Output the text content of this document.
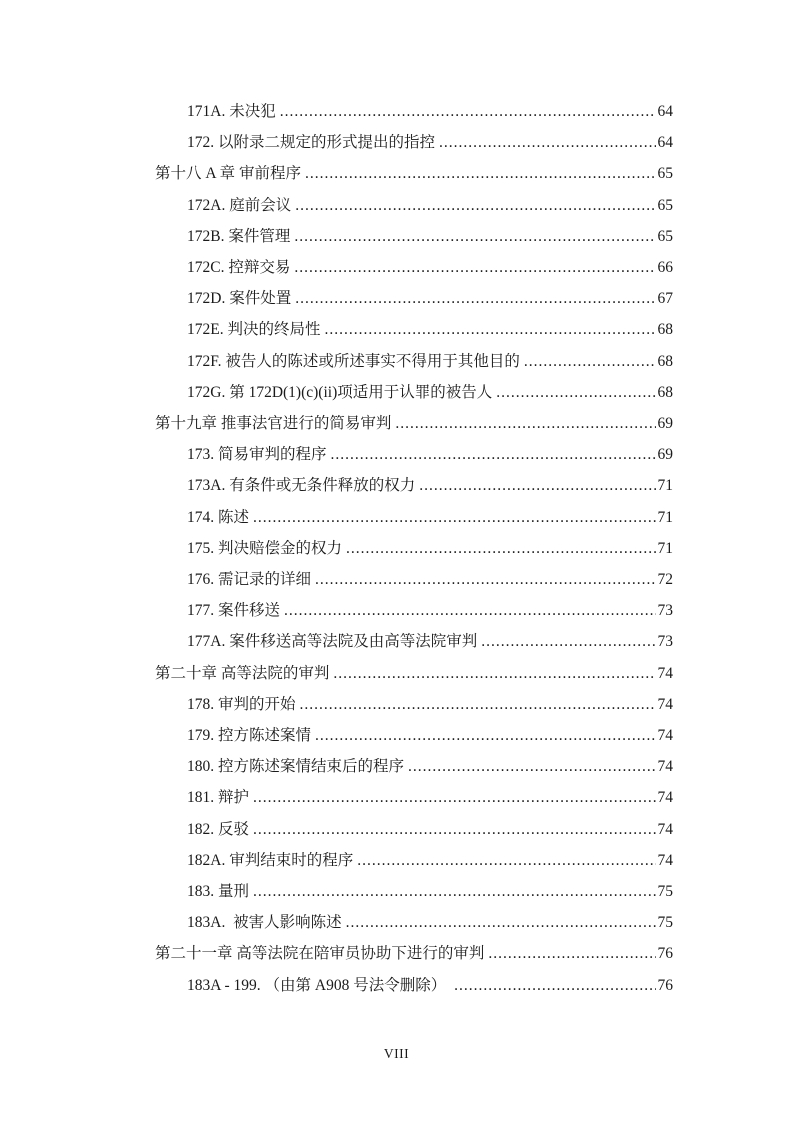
171A. 未决犯 .....	64
172. 以附录二规定的形式提出的指控 .....	64
第十八 A 章 审前程序 .....	65
172A. 庭前会议 .....	65
172B. 案件管理 .....	65
172C. 控辩交易 .....	66
172D. 案件处置 .....	67
172E. 判决的终局性 .....	68
172F. 被告人的陈述或所述事实不得用于其他目的 .....	68
172G. 第 172D(1)(c)(ii)项适用于认罪的被告人 .....	68
第十九章 推事法官进行的简易审判 .....	69
173. 简易审判的程序 .....	69
173A. 有条件或无条件释放的权力 .....	71
174. 陈述 .....	71
175. 判决赔偿金的权力 .....	71
176. 需记录的详细 .....	72
177. 案件移送 .....	73
177A. 案件移送高等法院及由高等法院审判 .....	73
第二十章 高等法院的审判 .....	74
178. 审判的开始 .....	74
179. 控方陈述案情 .....	74
180. 控方陈述案情结束后的程序 .....	74
181. 辩护 .....	74
182. 反驳 .....	74
182A. 审判结束时的程序 .....	74
183. 量刑 .....	75
183A.  被害人影响陈述 .....	75
第二十一章 高等法院在陪审员协助下进行的审判 .....	76
183A - 199. （由第 A908 号法令删除） .....	76
VIII
